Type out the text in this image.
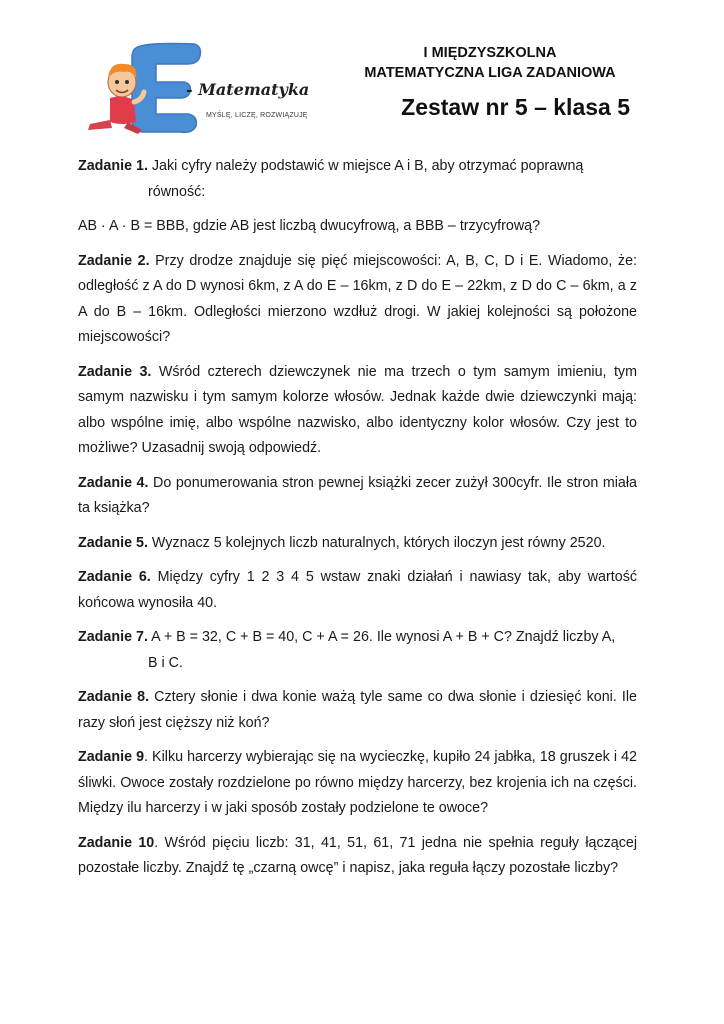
- Matematyka
MYŚLĘ, LICZĘ, ROZWIĄZUJĘ
I MIĘDZYSZKOLNA
MATEMATYCZNA LIGA ZADANIOWA
Zestaw nr 5 – klasa 5

Zadanie 1. Jaki cyfry należy podstawić w miejsce A i B, aby otrzymać poprawną
równość:

AB · A · B = BBB, gdzie AB jest liczbą dwucyfrową, a BBB – trzycyfrową?

Zadanie 2. Przy drodze znajduje się pięć miejscowości: A, B, C, D i E. Wiadomo, że: odległość z A do D wynosi 6km, z A do E – 16km, z D do E – 22km, z D do C – 6km, a z A do B – 16km. Odległości mierzono wzdłuż drogi. W jakiej kolejności są położone miejscowości?

Zadanie 3. Wśród czterech dziewczynek nie ma trzech o tym samym imieniu, tym samym nazwisku i tym samym kolorze włosów. Jednak każde dwie dziewczynki mają: albo wspólne imię, albo wspólne nazwisko, albo identyczny kolor włosów. Czy jest to możliwe? Uzasadnij swoją odpowiedź.

Zadanie 4. Do ponumerowania stron pewnej książki zecer zużył 300cyfr. Ile stron miała ta książka?

Zadanie 5. Wyznacz 5 kolejnych liczb naturalnych, których iloczyn jest równy 2520.

Zadanie 6. Między cyfry 1 2 3 4 5 wstaw znaki działań i nawiasy tak, aby wartość końcowa wynosiła 40.

Zadanie 7. A + B = 32, C + B = 40, C + A = 26. Ile wynosi A + B + C? Znajdź liczby A,
B i C.

Zadanie 8. Cztery słonie i dwa konie ważą tyle same co dwa słonie i dziesięć koni. Ile razy słoń jest cięższy niż koń?

Zadanie 9. Kilku harcerzy wybierając się na wycieczkę, kupiło 24 jabłka, 18 gruszek i 42 śliwki. Owoce zostały rozdzielone po równo między harcerzy, bez krojenia ich na części. Między ilu harcerzy i w jaki sposób zostały podzielone te owoce?

Zadanie 10. Wśród pięciu liczb: 31, 41, 51, 61, 71 jedna nie spełnia reguły łączącej pozostałe liczby. Znajdź tę „czarną owcę” i napisz, jaka reguła łączy pozostałe liczby?
